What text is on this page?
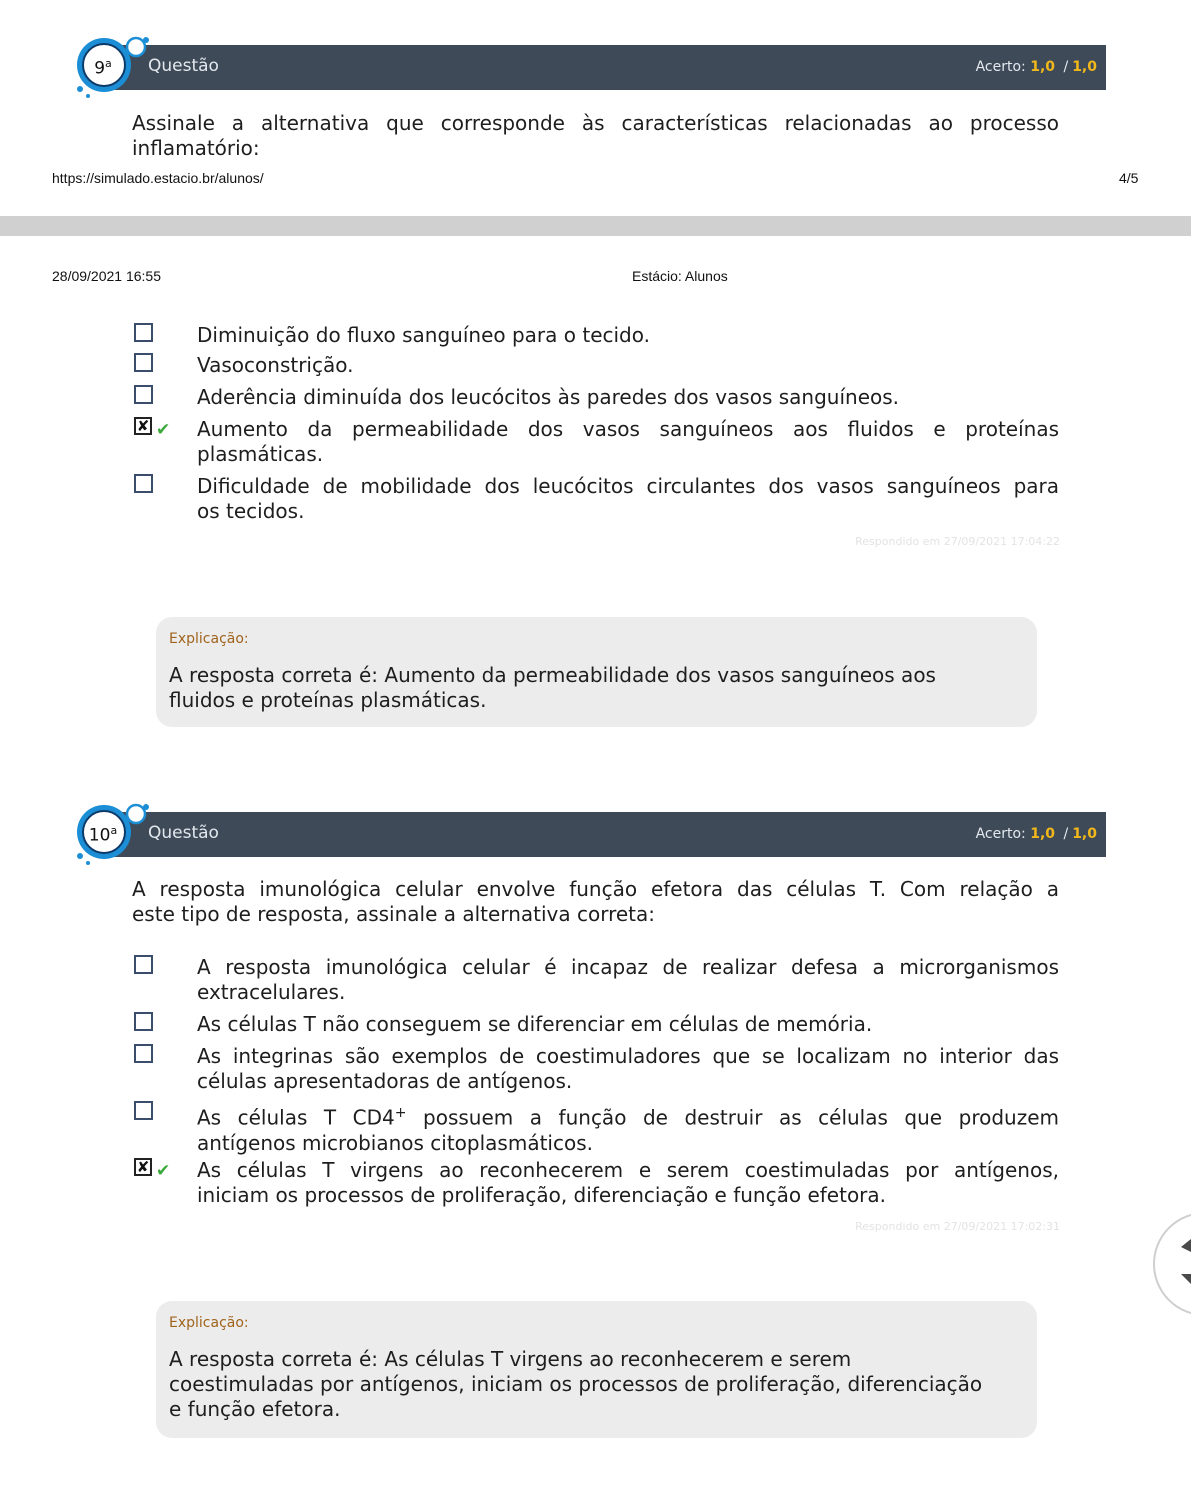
Questão	Acerto: 1,0 / 1,0
9$^a$
Assinale a alternativa que corresponde às características relacionadas ao processo
inflamatório:
https://simulado.estacio.br/alunos/	4/5
28/09/2021 16:55	Estácio: Alunos
Diminuição do fluxo sanguíneo para o tecido.
Vasoconstrição.
Aderência diminuída dos leucócitos às paredes dos vasos sanguíneos.
✘ ✔ Aumento da permeabilidade dos vasos sanguíneos aos fluidos e proteínas
plasmáticas.
Dificuldade de mobilidade dos leucócitos circulantes dos vasos sanguíneos para
os tecidos.
Respondido em 27/09/2021 17:04:22
Explicação:
A resposta correta é: Aumento da permeabilidade dos vasos sanguíneos aos
fluidos e proteínas plasmáticas.
Questão	Acerto: 1,0 / 1,0
10$^a$
A resposta imunológica celular envolve função efetora das células T. Com relação a
este tipo de resposta, assinale a alternativa correta:
A resposta imunológica celular é incapaz de realizar defesa a microrganismos
extracelulares.
As células T não conseguem se diferenciar em células de memória.
As integrinas são exemplos de coestimuladores que se localizam no interior das
células apresentadoras de antígenos.
As células T CD4+ possuem a função de destruir as células que produzem
antígenos microbianos citoplasmáticos.
✘ ✔ As células T virgens ao reconhecerem e serem coestimuladas por antígenos,
iniciam os processos de proliferação, diferenciação e função efetora.
Respondido em 27/09/2021 17:02:31
Explicação:
A resposta correta é: As células T virgens ao reconhecerem e serem
coestimuladas por antígenos, iniciam os processos de proliferação, diferenciação
e função efetora.
